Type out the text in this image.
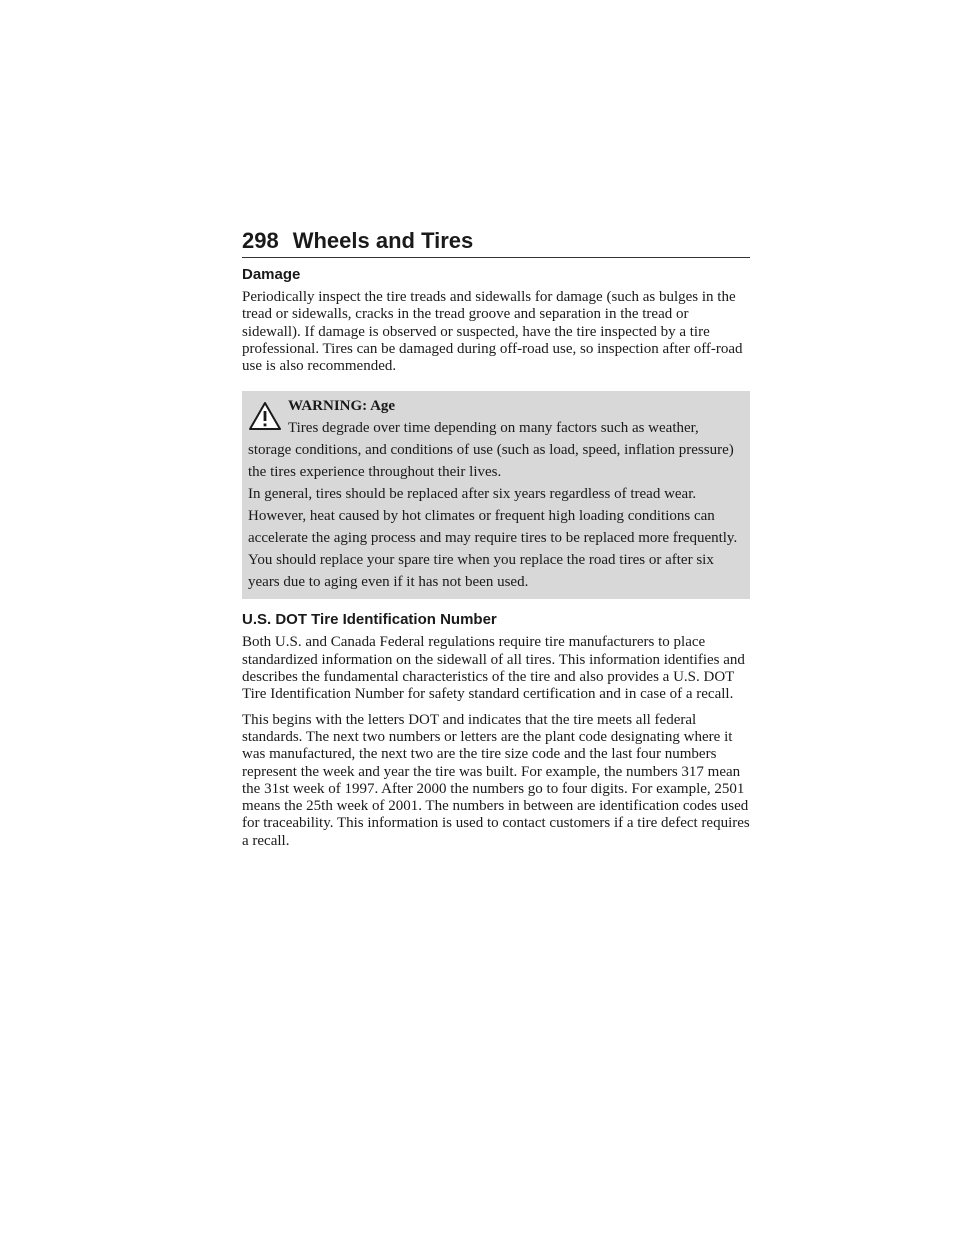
298 Wheels and Tires
Damage

Periodically inspect the tire treads and sidewalls for damage (such as bulges in the tread or sidewalls, cracks in the tread groove and separation in the tread or sidewall). If damage is observed or suspected, have the tire inspected by a tire professional. Tires can be damaged during off-road use, so inspection after off-road use is also recommended.

WARNING: Age

Tires degrade over time depending on many factors such as weather, storage conditions, and conditions of use (such as load, speed, inflation pressure) the tires experience throughout their lives.

In general, tires should be replaced after six years regardless of tread wear. However, heat caused by hot climates or frequent high loading conditions can accelerate the aging process and may require tires to be replaced more frequently.

You should replace your spare tire when you replace the road tires or after six years due to aging even if it has not been used.

U.S. DOT Tire Identification Number

Both U.S. and Canada Federal regulations require tire manufacturers to place standardized information on the sidewall of all tires. This information identifies and describes the fundamental characteristics of the tire and also provides a U.S. DOT Tire Identification Number for safety standard certification and in case of a recall.

This begins with the letters DOT and indicates that the tire meets all federal standards. The next two numbers or letters are the plant code designating where it was manufactured, the next two are the tire size code and the last four numbers represent the week and year the tire was built. For example, the numbers 317 mean the 31st week of 1997. After 2000 the numbers go to four digits. For example, 2501 means the 25th week of 2001. The numbers in between are identification codes used for traceability. This information is used to contact customers if a tire defect requires a recall.
